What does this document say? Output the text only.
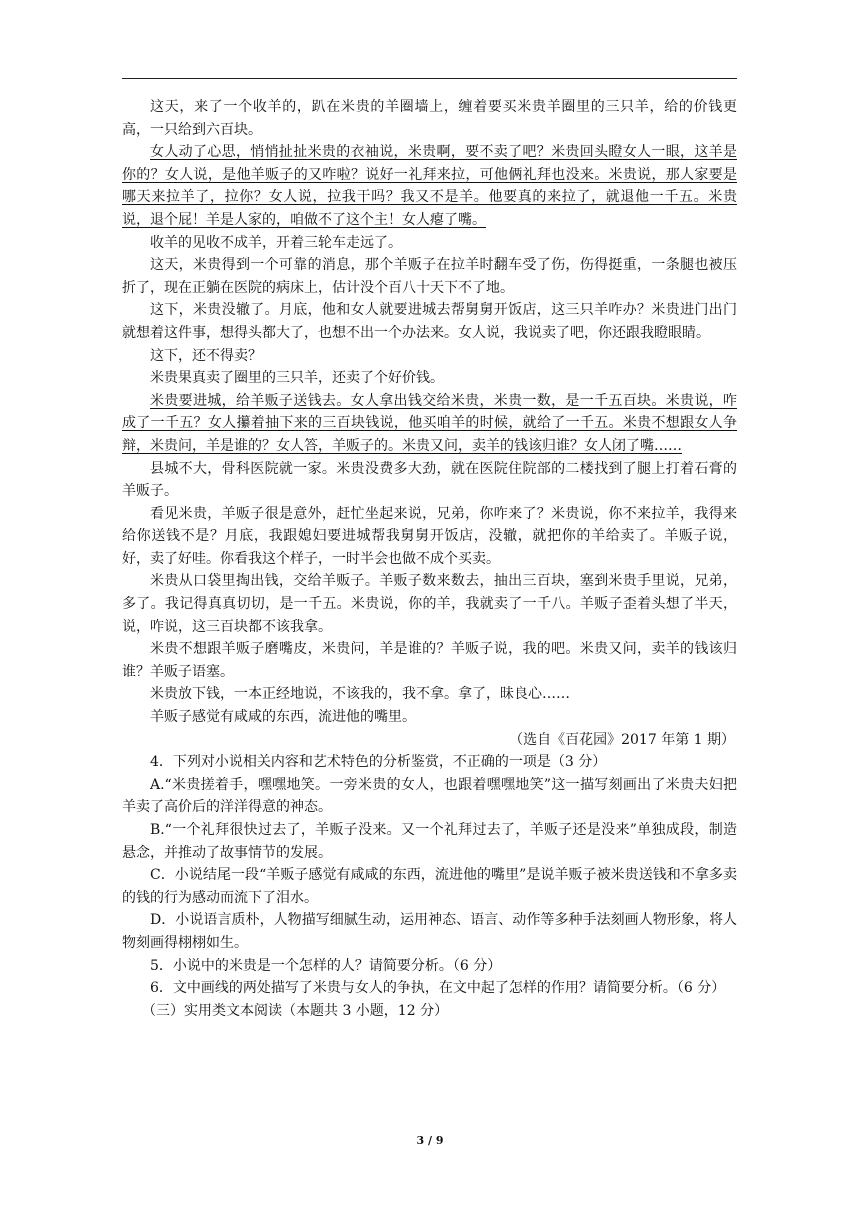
这天，来了一个收羊的，趴在米贵的羊圈墙上，缠着要买米贵羊圈里的三只羊，给的价钱更高，一只给到六百块。

女人动了心思，悄悄扯扯米贵的衣袖说，米贵啊，要不卖了吧？米贵回头瞪女人一眼，这羊是你的？女人说，是他羊贩子的又咋啦？说好一礼拜来拉，可他俩礼拜也没来。米贵说，那人家要是哪天来拉羊了，拉你？女人说，拉我干吗？我又不是羊。他要真的来拉了，就退他一千五。米贵说，退个屁！羊是人家的，咱做不了这个主！女人瘪了嘴。

收羊的见收不成羊，开着三轮车走远了。

这天，米贵得到一个可靠的消息，那个羊贩子在拉羊时翻车受了伤，伤得挺重，一条腿也被压折了，现在正躺在医院的病床上，估计没个百八十天下不了地。

这下，米贵没辙了。月底，他和女人就要进城去帮舅舅开饭店，这三只羊咋办？米贵进门出门就想着这件事，想得头都大了，也想不出一个办法来。女人说，我说卖了吧，你还跟我瞪眼睛。

这下，还不得卖？

米贵果真卖了圈里的三只羊，还卖了个好价钱。

米贵要进城，给羊贩子送钱去。女人拿出钱交给米贵，米贵一数，是一千五百块。米贵说，咋成了一千五？女人攥着抽下来的三百块钱说，他买咱羊的时候，就给了一千五。米贵不想跟女人争辩，米贵问，羊是谁的？女人答，羊贩子的。米贵又问，卖羊的钱该归谁？女人闭了嘴……

县城不大，骨科医院就一家。米贵没费多大劲，就在医院住院部的二楼找到了腿上打着石膏的羊贩子。

看见米贵，羊贩子很是意外，赶忙坐起来说，兄弟，你咋来了？米贵说，你不来拉羊，我得来给你送钱不是？月底，我跟媳妇要进城帮我舅舅开饭店，没辙，就把你的羊给卖了。羊贩子说，好，卖了好哇。你看我这个样子，一时半会也做不成个买卖。

米贵从口袋里掏出钱，交给羊贩子。羊贩子数来数去，抽出三百块，塞到米贵手里说，兄弟，多了。我记得真真切切，是一千五。米贵说，你的羊，我就卖了一千八。羊贩子歪着头想了半天，说，咋说，这三百块都不该我拿。

米贵不想跟羊贩子磨嘴皮，米贵问，羊是谁的？羊贩子说，我的吧。米贵又问，卖羊的钱该归谁？羊贩子语塞。

米贵放下钱，一本正经地说，不该我的，我不拿。拿了，昧良心……

羊贩子感觉有咸咸的东西，流进他的嘴里。

（选自《百花园》2017 年第 1 期）

4．下列对小说相关内容和艺术特色的分析鉴赏，不正确的一项是（3 分）

A.“米贵搓着手，嘿嘿地笑。一旁米贵的女人，也跟着嘿嘿地笑”这一描写刻画出了米贵夫妇把羊卖了高价后的洋洋得意的神态。

B.“一个礼拜很快过去了，羊贩子没来。又一个礼拜过去了，羊贩子还是没来”单独成段，制造悬念，并推动了故事情节的发展。

C．小说结尾一段“羊贩子感觉有咸咸的东西，流进他的嘴里”是说羊贩子被米贵送钱和不拿多卖的钱的行为感动而流下了泪水。

D．小说语言质朴，人物描写细腻生动，运用神态、语言、动作等多种手法刻画人物形象，将人物刻画得栩栩如生。

5．小说中的米贵是一个怎样的人？请简要分析。（6 分）

6．文中画线的两处描写了米贵与女人的争执，在文中起了怎样的作用？请简要分析。（6 分）

（三）实用类文本阅读（本题共 3 小题，12 分）

3 / 9
